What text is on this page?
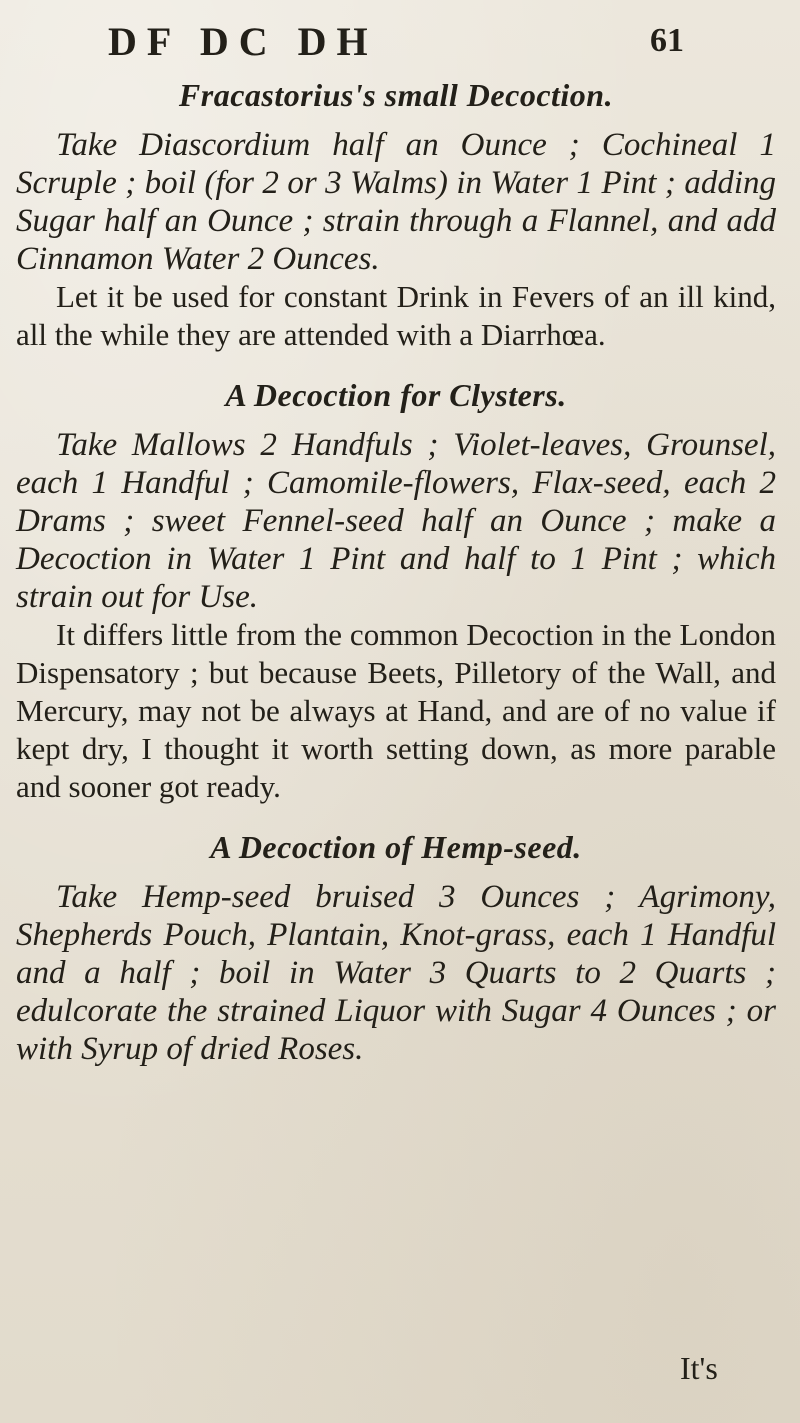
DF DC DH	61
Fracastorius's small Decoction.

Take Diascordium half an Ounce ; Cochineal 1 Scruple ; boil (for 2 or 3 Walms) in Water 1 Pint ; adding Sugar half an Ounce ; strain through a Flannel, and add Cinnamon Water 2 Ounces.

Let it be used for constant Drink in Fevers of an ill kind, all the while they are attended with a Diarrhœa.

A Decoction for Clysters.

Take Mallows 2 Handfuls ; Violet-leaves, Grounsel, each 1 Handful ; Camomile-flowers, Flax-seed, each 2 Drams ; sweet Fennel-seed half an Ounce ; make a Decoction in Water 1 Pint and half to 1 Pint ; which strain out for Use.

It differs little from the common Decoction in the London Dispensatory ; but because Beets, Pilletory of the Wall, and Mercury, may not be always at Hand, and are of no value if kept dry, I thought it worth setting down, as more parable and sooner got ready.

A Decoction of Hemp-seed.

Take Hemp-seed bruised 3 Ounces ; Agrimony, Shepherds Pouch, Plantain, Knot-grass, each 1 Handful and a half ; boil in Water 3 Quarts to 2 Quarts ; edulcorate the strained Liquor with Sugar 4 Ounces ; or with Syrup of dried Roses.

It's
